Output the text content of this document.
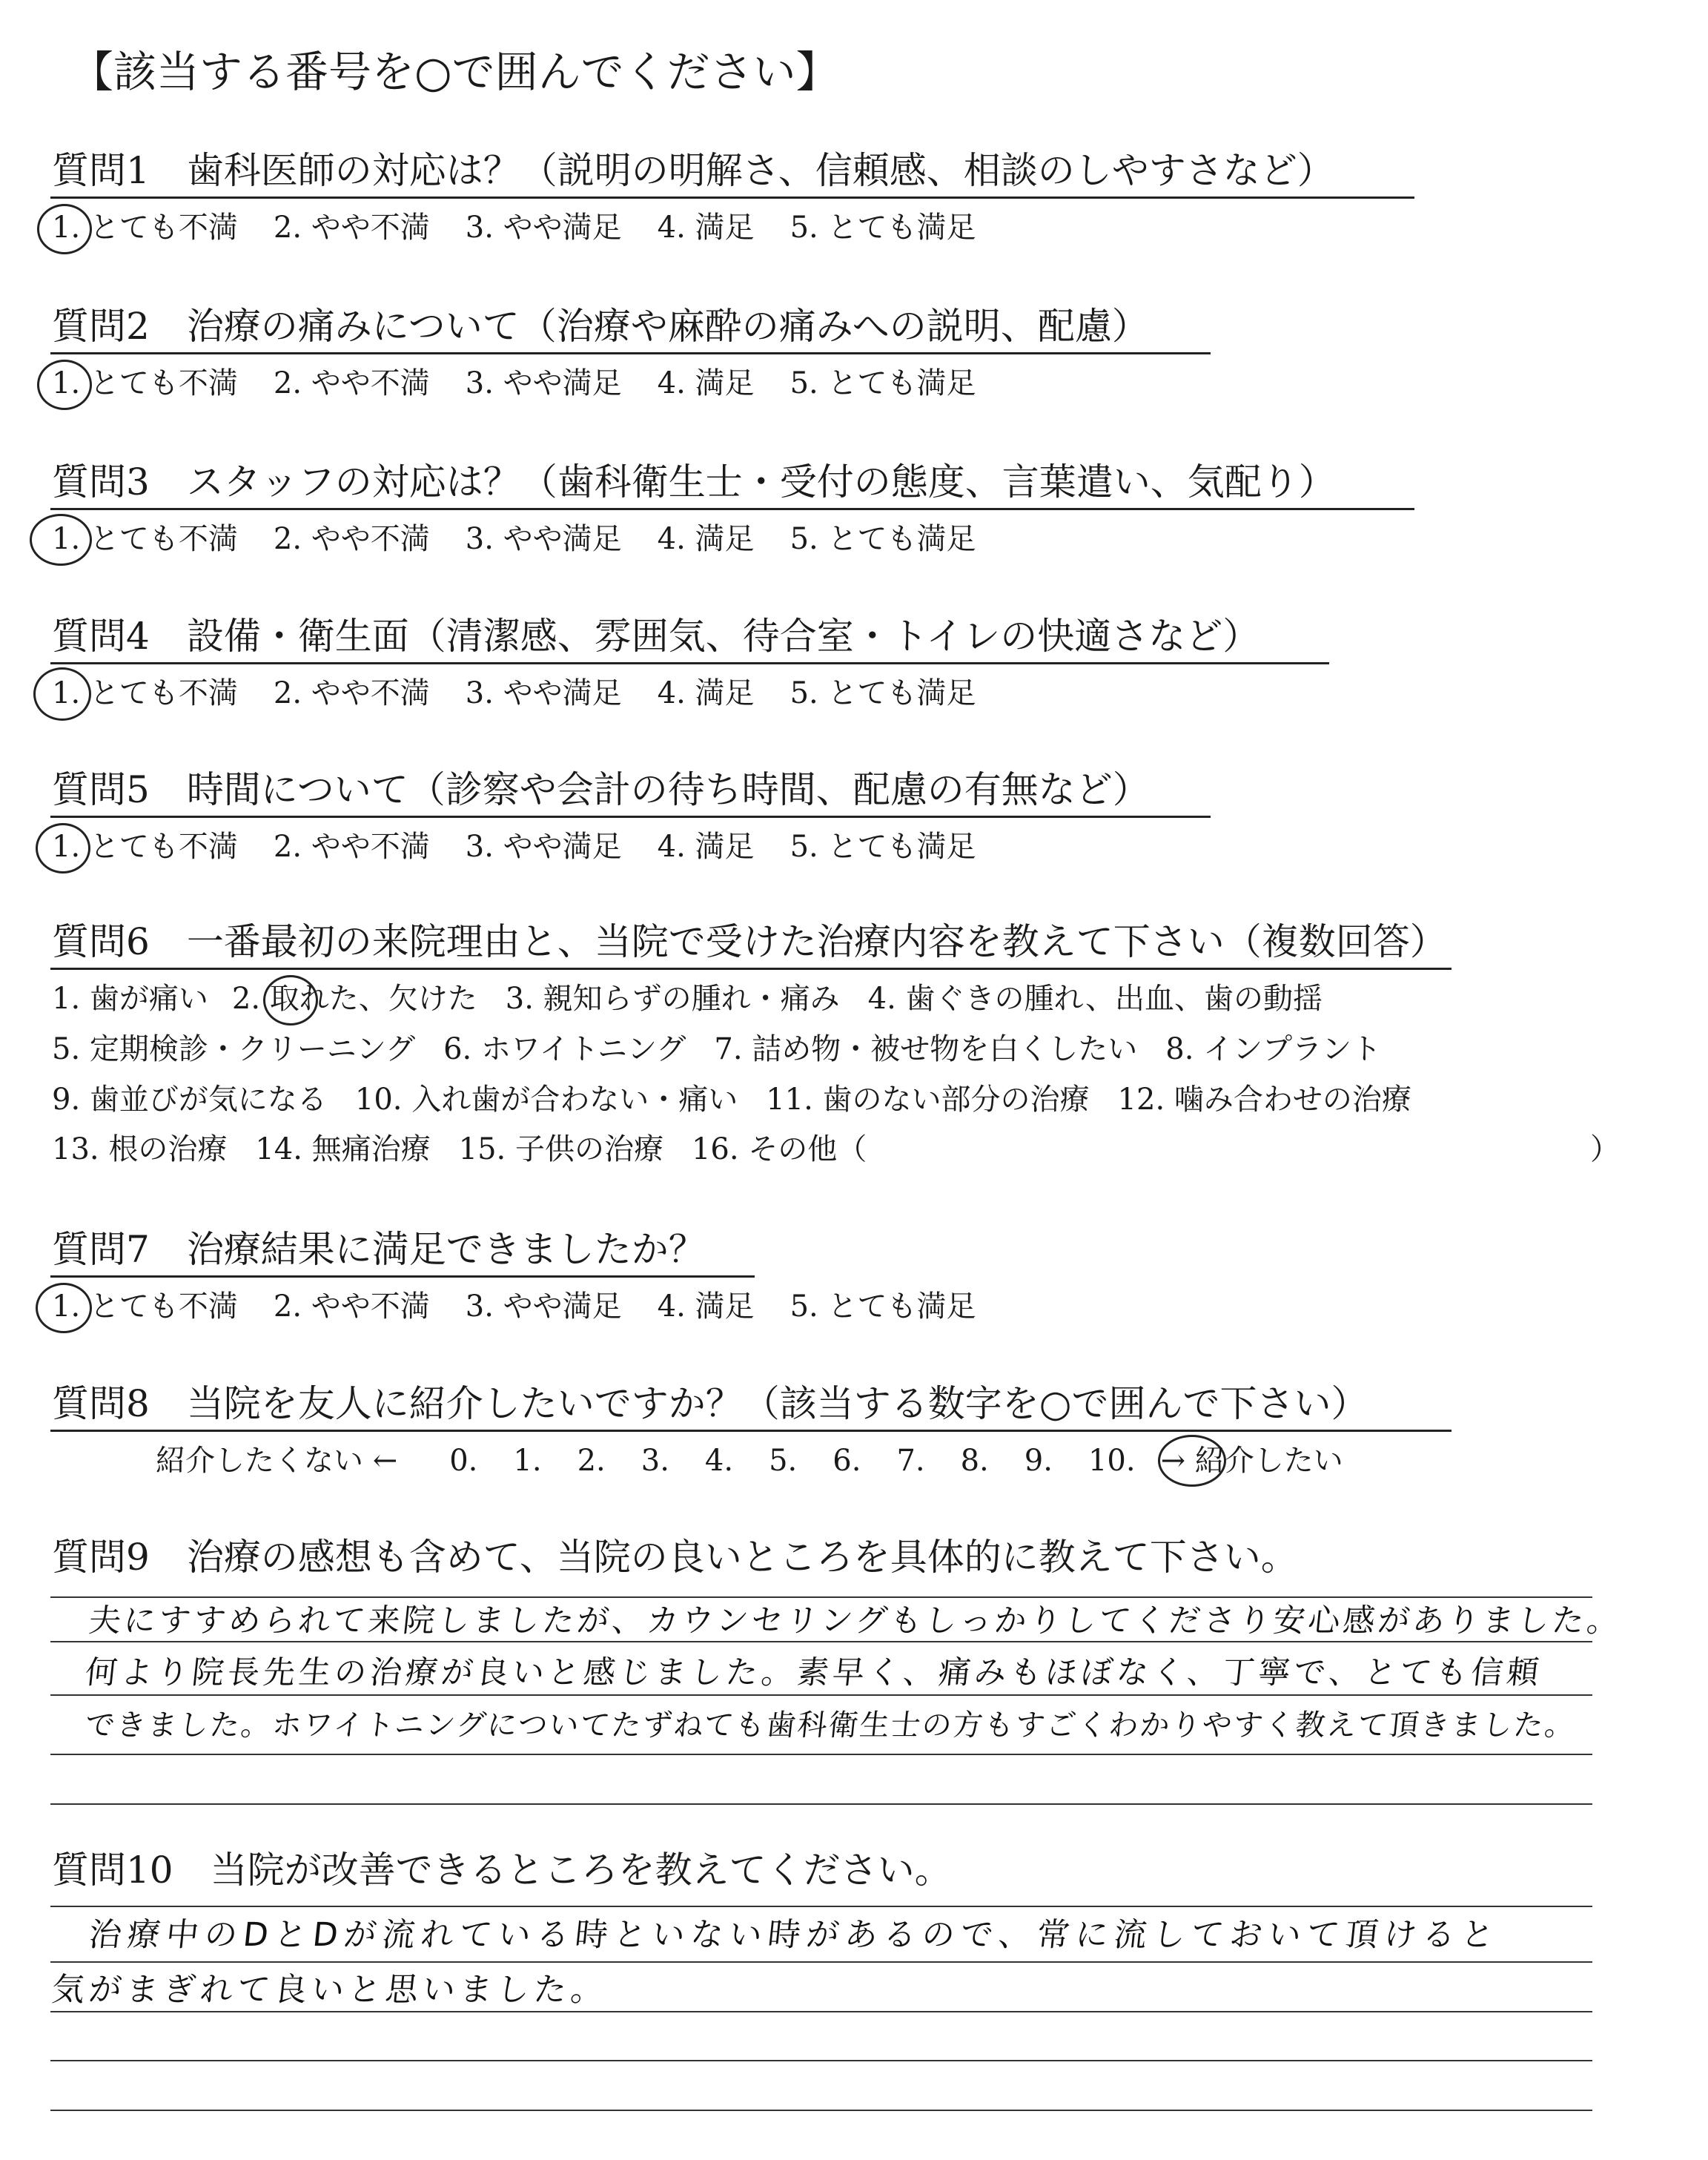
【該当する番号を○で囲んでください】
質問1 歯科医師の対応は？（説明の明解さ、信頼感、相談のしやすさなど）
1. とても不満 2. やや不満 3. やや満足 4. 満足 5. とても満足
質問2 治療の痛みについて（治療や麻酔の痛みへの説明、配慮）
1. とても不満 2. やや不満 3. やや満足 4. 満足 5. とても満足
質問3 スタッフの対応は？（歯科衛生士・受付の態度、言葉遣い、気配り）
1. とても不満 2. やや不満 3. やや満足 4. 満足 5. とても満足
質問4 設備・衛生面（清潔感、雰囲気、待合室・トイレの快適さなど）
1. とても不満 2. やや不満 3. やや満足 4. 満足 5. とても満足
質問5 時間について（診察や会計の待ち時間、配慮の有無など）
1. とても不満 2. やや不満 3. やや満足 4. 満足 5. とても満足
質問6 一番最初の来院理由と、当院で受けた治療内容を教えて下さい（複数回答）
1. 歯が痛い 2. 取れた、欠けた 3. 親知らずの腫れ・痛み 4. 歯ぐきの腫れ、出血、歯の動揺
5. 定期検診・クリーニング 6. ホワイトニング 7. 詰め物・被せ物を白くしたい 8. インプラント
9. 歯並びが気になる 10. 入れ歯が合わない・痛い 11. 歯のない部分の治療 12. 噛み合わせの治療
13. 根の治療 14. 無痛治療 15. 子供の治療 16. その他（	）
質問7 治療結果に満足できましたか？
1. とても不満 2. やや不満 3. やや満足 4. 満足 5. とても満足
質問8 当院を友人に紹介したいですか？（該当する数字を○で囲んで下さい）
紹介したくない ← 0. 1. 2. 3. 4. 5. 6. 7. 8. 9. 10. → 紹介したい
質問9 治療の感想も含めて、当院の良いところを具体的に教えて下さい。
夫にすすめられて来院しましたが、カウンセリングもしっかりしてくださり安心感がありました。
何より院長先生の治療が良いと感じました。素早く、痛みもほぼなく、丁寧で、とても信頼
できました。ホワイトニングについてたずねても歯科衛生士の方もすごくわかりやすく教えて頂きました。
質問10 当院が改善できるところを教えてください。
治療中のDとDが流れている時といない時があるので、常に流しておいて頂けると
気がまぎれて良いと思いました。
